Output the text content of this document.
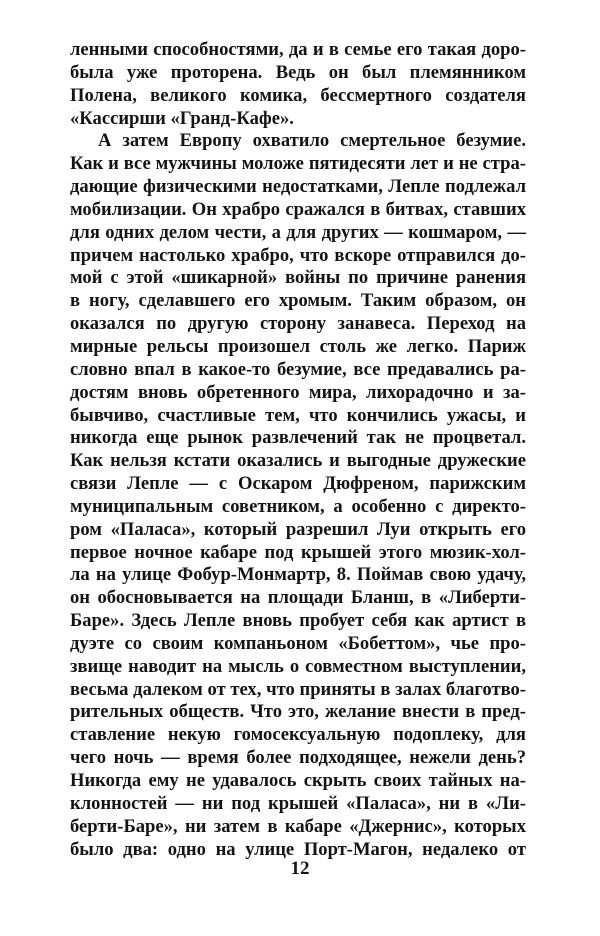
ленными способностями, да и в семье его такая доро-
была уже проторена. Ведь он был племянником
Полена, великого комика, бессмертного создателя
«Кассирши «Гранд-Кафе».
А затем Европу охватило смертельное безумие.
Как и все мужчины моложе пятидесяти лет и не стра-
дающие физическими недостатками, Лепле подлежал
мобилизации. Он храбро сражался в битвах, ставших
для одних делом чести, а для других — кошмаром, —
причем настолько храбро, что вскоре отправился до-
мой с этой «шикарной» войны по причине ранения
в ногу, сделавшего его хромым. Таким образом, он
оказался по другую сторону занавеса. Переход на
мирные рельсы произошел столь же легко. Париж
словно впал в какое-то безумие, все предавались ра-
достям вновь обретенного мира, лихорадочно и за-
бывчиво, счастливые тем, что кончились ужасы, и
никогда еще рынок развлечений так не процветал.
Как нельзя кстати оказались и выгодные дружеские
связи Лепле — с Оскаром Дюфреном, парижским
муниципальным советником, а особенно с директо-
ром «Паласа», который разрешил Луи открыть его
первое ночное кабаре под крышей этого мюзик-хол-
ла на улице Фобур-Монмартр, 8. Поймав свою удачу,
он обосновывается на площади Бланш, в «Либерти-
Баре». Здесь Лепле вновь пробует себя как артист в
дуэте со своим компаньоном «Бобеттом», чье про-
звище наводит на мысль о совместном выступлении,
весьма далеком от тех, что приняты в залах благотво-
рительных обществ. Что это, желание внести в пред-
ставление некую гомосексуальную подоплеку, для
чего ночь — время более подходящее, нежели день?
Никогда ему не удавалось скрыть своих тайных на-
клонностей — ни под крышей «Паласа», ни в «Ли-
берти-Баре», ни затем в кабаре «Джернис», которых
было два: одно на улице Порт-Магон, недалеко от
12
